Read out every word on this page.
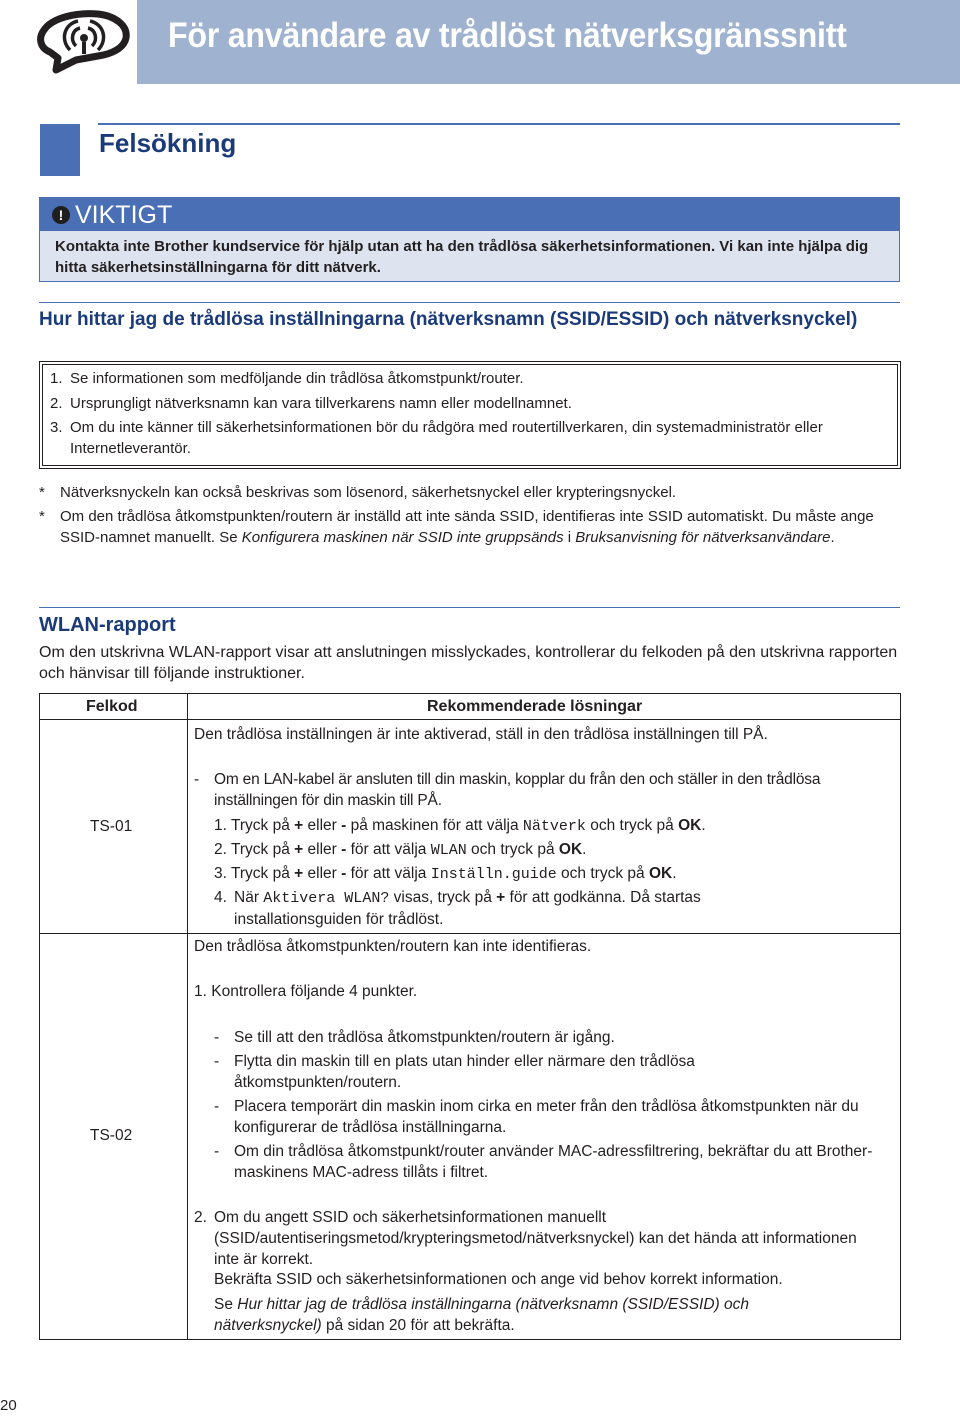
För användare av trådlöst nätverksgränssnitt
Felsökning
! VIKTIGT
Kontakta inte Brother kundservice för hjälp utan att ha den trådlösa säkerhetsinformationen. Vi kan inte hjälpa dig hitta säkerhetsinställningarna för ditt nätverk.
Hur hittar jag de trådlösa inställningarna (nätverksnamn (SSID/ESSID) och nätverksnyckel)
1. Se informationen som medföljande din trådlösa åtkomstpunkt/router.
2. Ursprungligt nätverksnamn kan vara tillverkarens namn eller modellnamnet.
3. Om du inte känner till säkerhetsinformationen bör du rådgöra med routertillverkaren, din systemadministratör eller Internetleverantör.
* Nätverksnyckeln kan också beskrivas som lösenord, säkerhetsnyckel eller krypteringsnyckel.
* Om den trådlösa åtkomstpunkten/routern är inställd att inte sända SSID, identifieras inte SSID automatiskt. Du måste ange SSID-namnet manuellt. Se Konfigurera maskinen när SSID inte gruppsänds i Bruksanvisning för nätverksanvändare.
WLAN-rapport
Om den utskrivna WLAN-rapport visar att anslutningen misslyckades, kontrollerar du felkoden på den utskrivna rapporten och hänvisar till följande instruktioner.
Felkod	Rekommenderade lösningar
TS-01
Den trådlösa inställningen är inte aktiverad, ställ in den trådlösa inställningen till PÅ.
- Om en LAN-kabel är ansluten till din maskin, kopplar du från den och ställer in den trådlösa inställningen för din maskin till PÅ.
1. Tryck på + eller - på maskinen för att välja Nätverk och tryck på OK.
2. Tryck på + eller - för att välja WLAN och tryck på OK.
3. Tryck på + eller - för att välja Inställn.guide och tryck på OK.
4. När Aktivera WLAN? visas, tryck på + för att godkänna. Då startas installationsguiden för trådlöst.
TS-02
Den trådlösa åtkomstpunkten/routern kan inte identifieras.
1. Kontrollera följande 4 punkter.
- Se till att den trådlösa åtkomstpunkten/routern är igång.
- Flytta din maskin till en plats utan hinder eller närmare den trådlösa åtkomstpunkten/routern.
- Placera temporärt din maskin inom cirka en meter från den trådlösa åtkomstpunkten när du konfigurerar de trådlösa inställningarna.
- Om din trådlösa åtkomstpunkt/router använder MAC-adressfiltrering, bekräftar du att Brother-maskinens MAC-adress tillåts i filtret.
2. Om du angett SSID och säkerhetsinformationen manuellt (SSID/autentiseringsmetod/krypteringsmetod/nätverksnyckel) kan det hända att informationen inte är korrekt.
Bekräfta SSID och säkerhetsinformationen och ange vid behov korrekt information.
Se Hur hittar jag de trådlösa inställningarna (nätverksnamn (SSID/ESSID) och nätverksnyckel) på sidan 20 för att bekräfta.
20
